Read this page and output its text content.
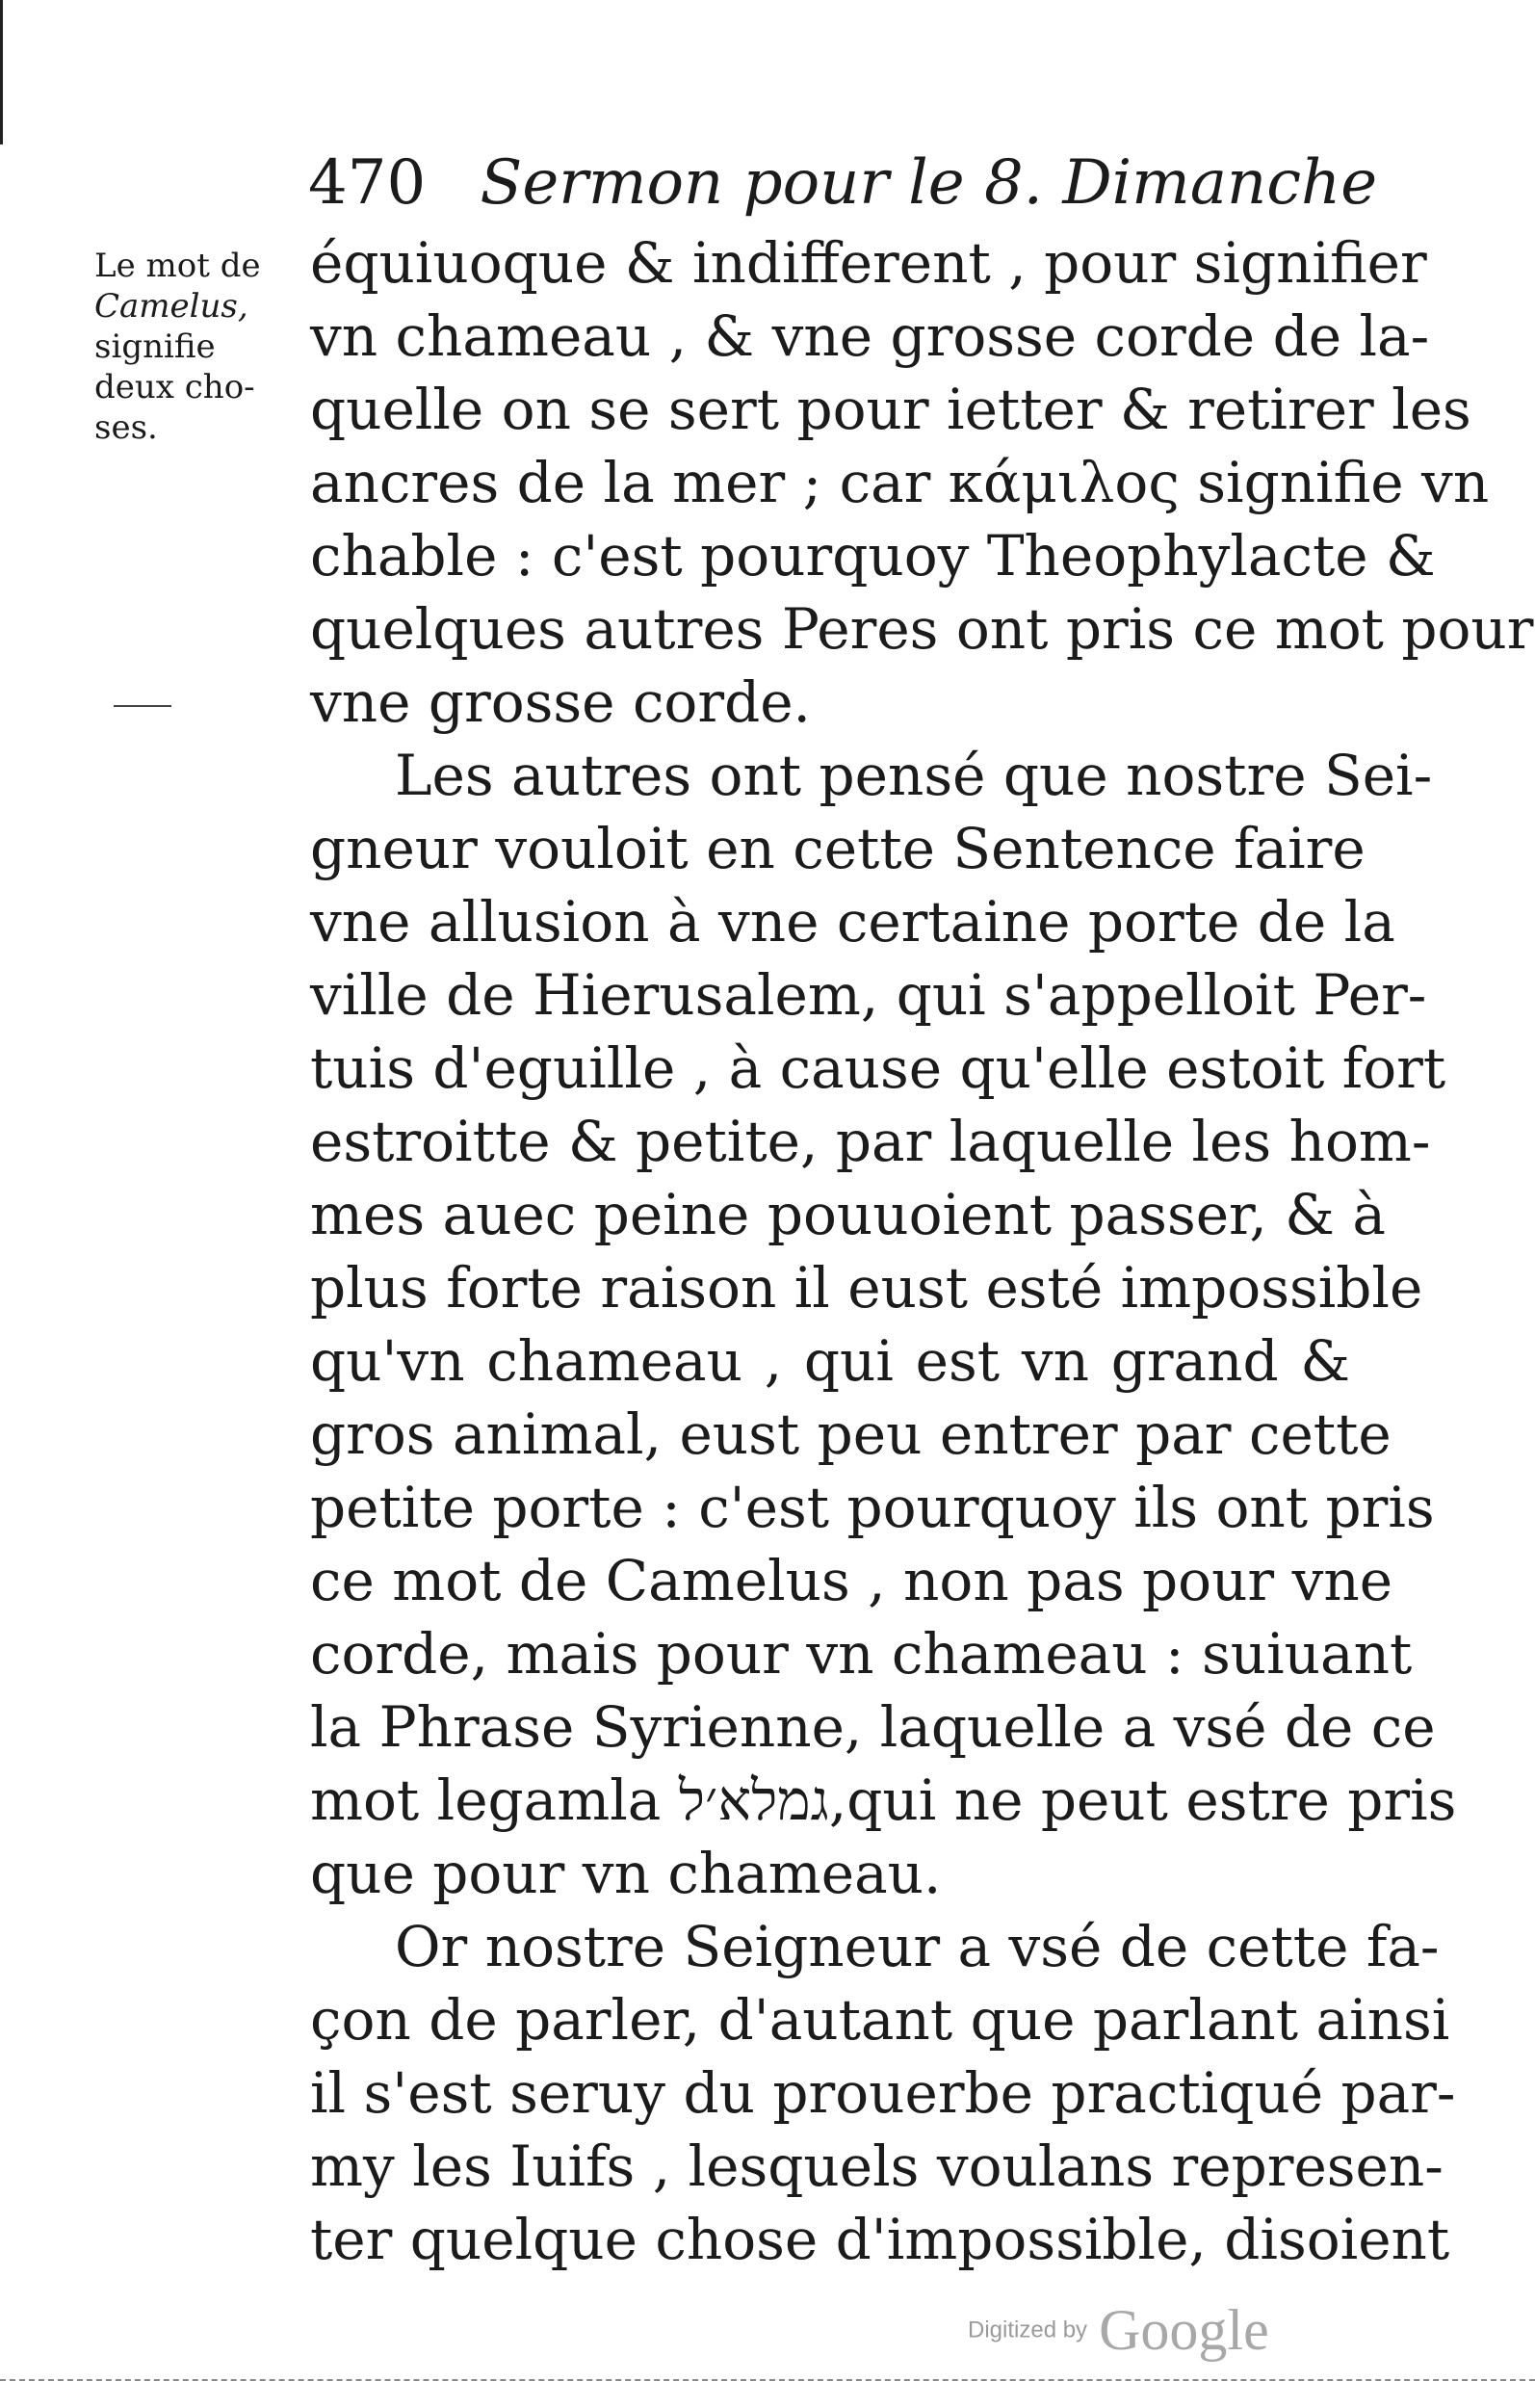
470 Sermon pour le 8. Dimanche
Le mot de
Camelus,
signifie
deux cho-
ses.
équiuoque & indifferent , pour signifier
vn chameau , & vne grosse corde de la-
quelle on se sert pour ietter & retirer les
ancres de la mer ; car κάμιλος signifie vn
chable : c'est pourquoy Theophylacte &
quelques autres Peres ont pris ce mot pour
vne grosse corde.
Les autres ont pensé que nostre Sei-
gneur vouloit en cette Sentence faire
vne allusion à vne certaine porte de la
ville de Hierusalem, qui s'appelloit Per-
tuis d'eguille , à cause qu'elle estoit fort
estroitte & petite, par laquelle les hom-
mes auec peine pouuoient passer, & à
plus forte raison il eust esté impossible
qu'vn chameau , qui est vn grand &
gros animal, eust peu entrer par cette
petite porte : c'est pourquoy ils ont pris
ce mot de Camelus , non pas pour vne
corde, mais pour vn chameau : suiuant
la Phrase Syrienne, laquelle a vsé de ce
mot legamla גמלא׳ל,qui ne peut estre pris
que pour vn chameau.
Or nostre Seigneur a vsé de cette fa-
çon de parler, d'autant que parlant ainsi
il s'est seruy du prouerbe practiqué par-
my les Iuifs , lesquels voulans represen-
ter quelque chose d'impossible, disoient
Digitized by Google
